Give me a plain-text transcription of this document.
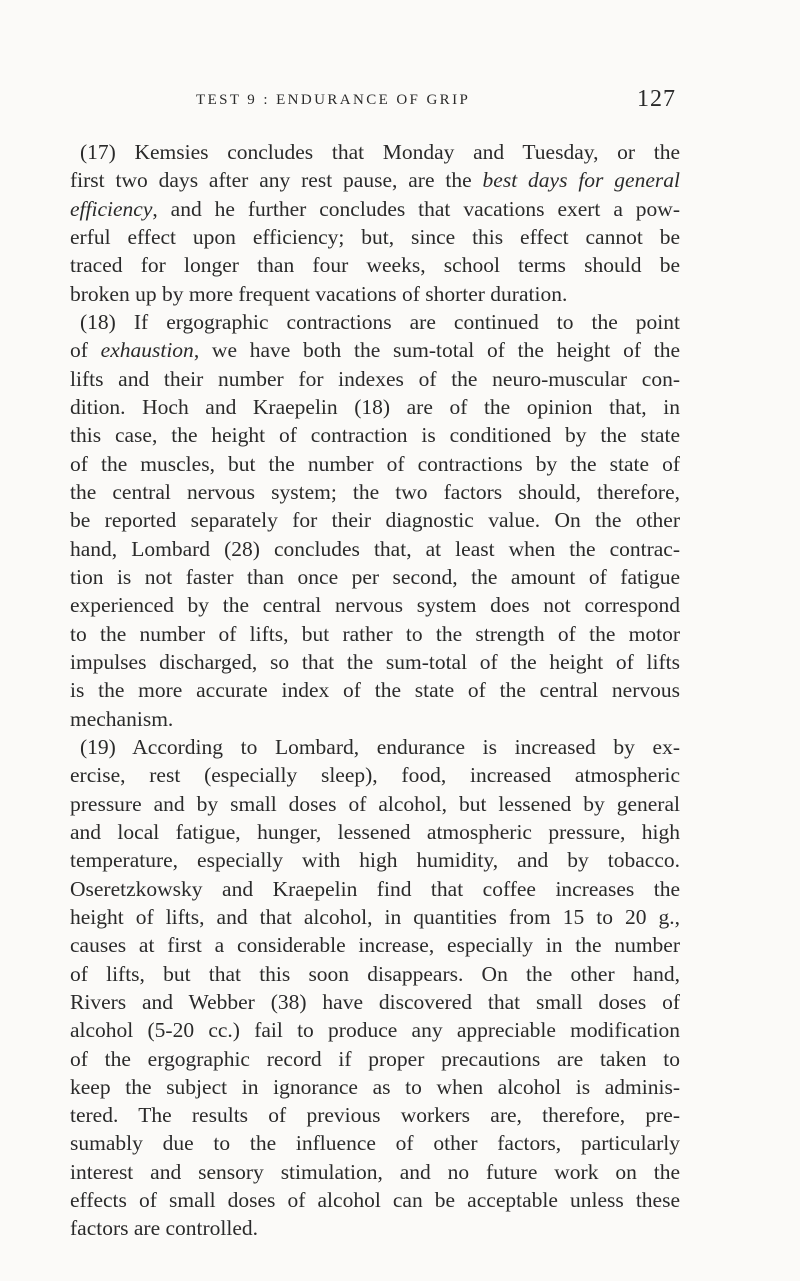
TEST 9 : ENDURANCE OF GRIP	127
(17) Kemsies concludes that Monday and Tuesday, or the
first two days after any rest pause, are the best days for general
efficiency, and he further concludes that vacations exert a pow-
erful effect upon efficiency; but, since this effect cannot be
traced for longer than four weeks, school terms should be
broken up by more frequent vacations of shorter duration.
(18) If ergographic contractions are continued to the point
of exhaustion, we have both the sum-total of the height of the
lifts and their number for indexes of the neuro-muscular con-
dition. Hoch and Kraepelin (18) are of the opinion that, in
this case, the height of contraction is conditioned by the state
of the muscles, but the number of contractions by the state of
the central nervous system; the two factors should, therefore,
be reported separately for their diagnostic value. On the other
hand, Lombard (28) concludes that, at least when the contrac-
tion is not faster than once per second, the amount of fatigue
experienced by the central nervous system does not correspond
to the number of lifts, but rather to the strength of the motor
impulses discharged, so that the sum-total of the height of lifts
is the more accurate index of the state of the central nervous
mechanism.
(19) According to Lombard, endurance is increased by ex-
ercise, rest (especially sleep), food, increased atmospheric
pressure and by small doses of alcohol, but lessened by general
and local fatigue, hunger, lessened atmospheric pressure, high
temperature, especially with high humidity, and by tobacco.
Oseretzkowsky and Kraepelin find that coffee increases the
height of lifts, and that alcohol, in quantities from 15 to 20 g.,
causes at first a considerable increase, especially in the number
of lifts, but that this soon disappears. On the other hand,
Rivers and Webber (38) have discovered that small doses of
alcohol (5-20 cc.) fail to produce any appreciable modification
of the ergographic record if proper precautions are taken to
keep the subject in ignorance as to when alcohol is adminis-
tered. The results of previous workers are, therefore, pre-
sumably due to the influence of other factors, particularly
interest and sensory stimulation, and no future work on the
effects of small doses of alcohol can be acceptable unless these
factors are controlled.
